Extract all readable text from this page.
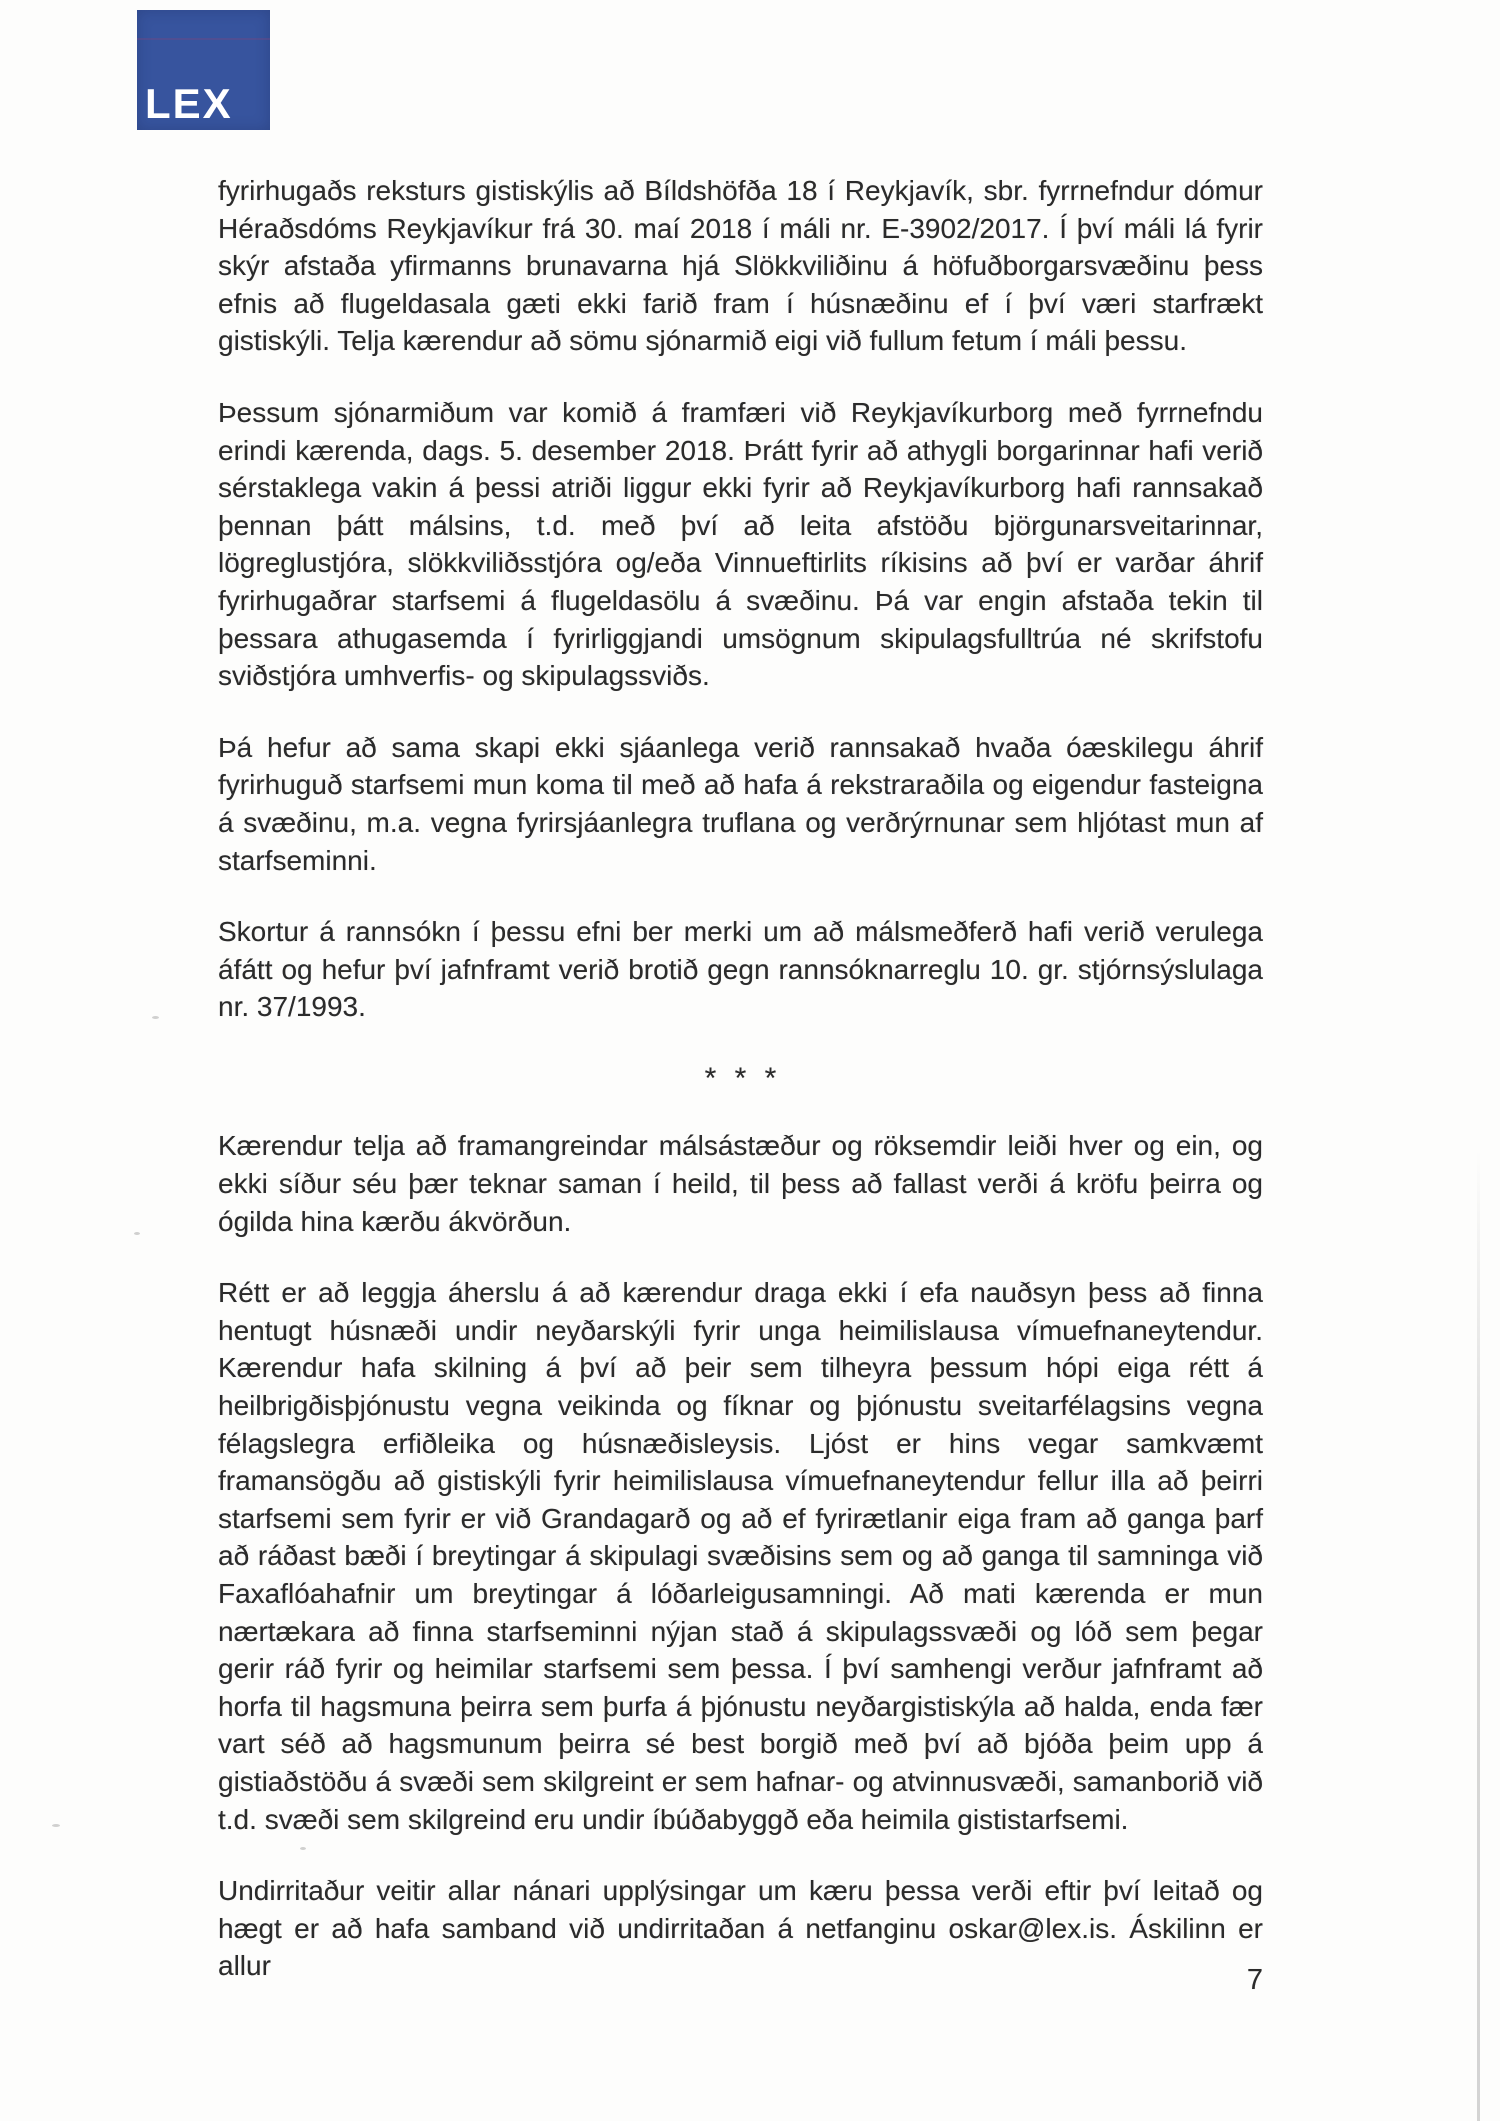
LEX

fyrirhugaðs reksturs gistiskýlis að Bíldshöfða 18 í Reykjavík, sbr. fyrrnefndur dómur Héraðsdóms Reykjavíkur frá 30. maí 2018 í máli nr. E-3902/2017. Í því máli lá fyrir skýr afstaða yfirmanns brunavarna hjá Slökkviliðinu á höfuðborgarsvæðinu þess efnis að flugeldasala gæti ekki farið fram í húsnæðinu ef í því væri starfrækt gistiskýli. Telja kærendur að sömu sjónarmið eigi við fullum fetum í máli þessu.

Þessum sjónarmiðum var komið á framfæri við Reykjavíkurborg með fyrrnefndu erindi kærenda, dags. 5. desember 2018. Þrátt fyrir að athygli borgarinnar hafi verið sérstaklega vakin á þessi atriði liggur ekki fyrir að Reykjavíkurborg hafi rannsakað þennan þátt málsins, t.d. með því að leita afstöðu björgunarsveitarinnar, lögreglustjóra, slökkviliðsstjóra og/eða Vinnueftirlits ríkisins að því er varðar áhrif fyrirhugaðrar starfsemi á flugeldasölu á svæðinu. Þá var engin afstaða tekin til þessara athugasemda í fyrirliggjandi umsögnum skipulagsfulltrúa né skrifstofu sviðstjóra umhverfis- og skipulagssviðs.

Þá hefur að sama skapi ekki sjáanlega verið rannsakað hvaða óæskilegu áhrif fyrirhuguð starfsemi mun koma til með að hafa á rekstraraðila og eigendur fasteigna á svæðinu, m.a. vegna fyrirsjáanlegra truflana og verðrýrnunar sem hljótast mun af starfseminni.

Skortur á rannsókn í þessu efni ber merki um að málsmeðferð hafi verið verulega áfátt og hefur því jafnframt verið brotið gegn rannsóknarreglu 10. gr. stjórnsýslulaga nr. 37/1993.

* * *

Kærendur telja að framangreindar málsástæður og röksemdir leiði hver og ein, og ekki síður séu þær teknar saman í heild, til þess að fallast verði á kröfu þeirra og ógilda hina kærðu ákvörðun.

Rétt er að leggja áherslu á að kærendur draga ekki í efa nauðsyn þess að finna hentugt húsnæði undir neyðarskýli fyrir unga heimilislausa vímuefnaneytendur. Kærendur hafa skilning á því að þeir sem tilheyra þessum hópi eiga rétt á heilbrigðisþjónustu vegna veikinda og fíknar og þjónustu sveitarfélagsins vegna félagslegra erfiðleika og húsnæðisleysis. Ljóst er hins vegar samkvæmt framansögðu að gistiskýli fyrir heimilislausa vímuefnaneytendur fellur illa að þeirri starfsemi sem fyrir er við Grandagarð og að ef fyrirætlanir eiga fram að ganga þarf að ráðast bæði í breytingar á skipulagi svæðisins sem og að ganga til samninga við Faxaflóahafnir um breytingar á lóðarleigusamningi. Að mati kærenda er mun nærtækara að finna starfseminni nýjan stað á skipulagssvæði og lóð sem þegar gerir ráð fyrir og heimilar starfsemi sem þessa. Í því samhengi verður jafnframt að horfa til hagsmuna þeirra sem þurfa á þjónustu neyðargistiskýla að halda, enda fær vart séð að hagsmunum þeirra sé best borgið með því að bjóða þeim upp á gistiaðstöðu á svæði sem skilgreint er sem hafnar- og atvinnusvæði, samanborið við t.d. svæði sem skilgreind eru undir íbúðabyggð eða heimila gististarfsemi.

Undirritaður veitir allar nánari upplýsingar um kæru þessa verði eftir því leitað og hægt er að hafa samband við undirritaðan á netfanginu oskar@lex.is. Áskilinn er allur	7
